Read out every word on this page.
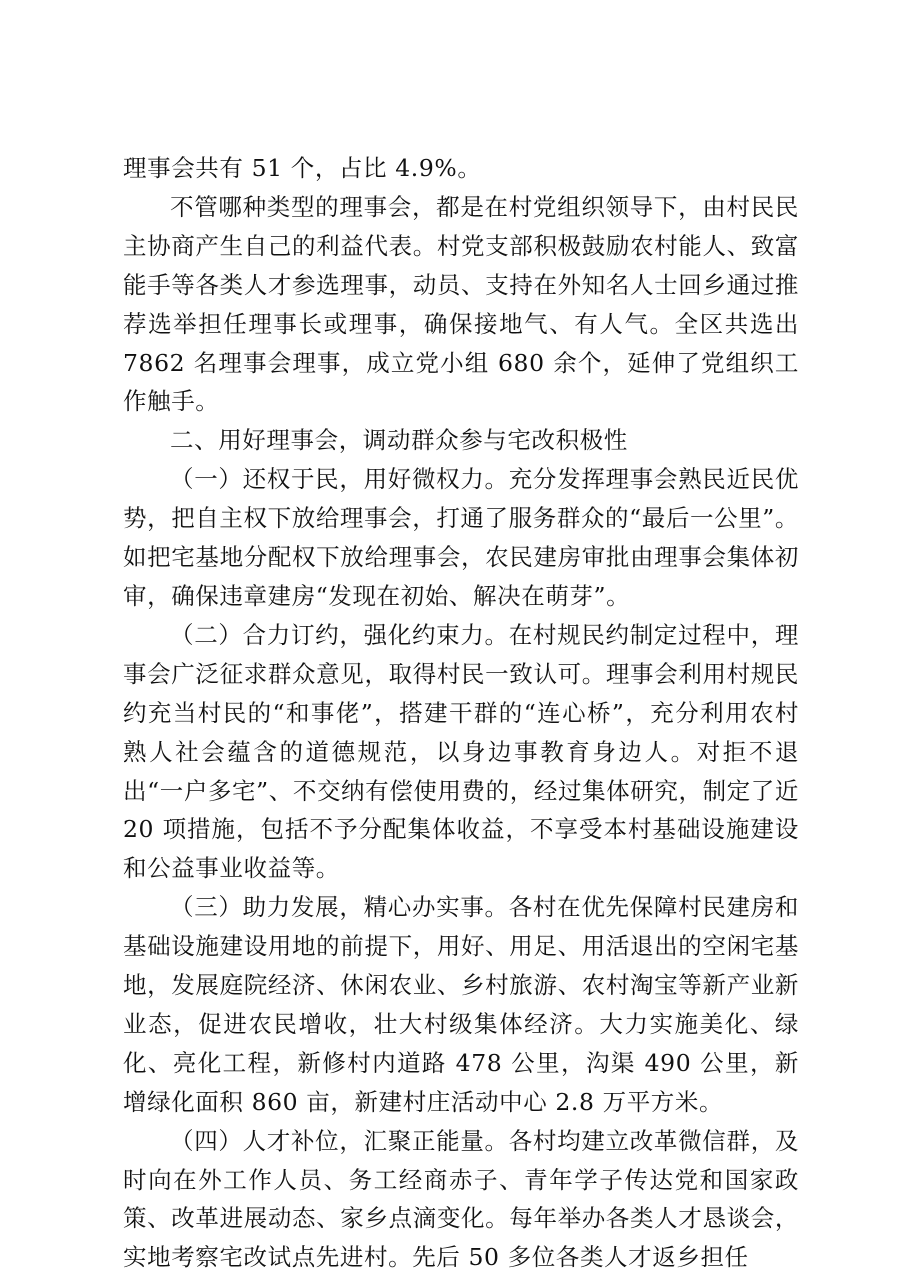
理事会共有 51 个，占比 4.9%。

不管哪种类型的理事会，都是在村党组织领导下，由村民民主协商产生自己的利益代表。村党支部积极鼓励农村能人、致富能手等各类人才参选理事，动员、支持在外知名人士回乡通过推荐选举担任理事长或理事，确保接地气、有人气。全区共选出 7862 名理事会理事，成立党小组 680 余个，延伸了党组织工作触手。

二、用好理事会，调动群众参与宅改积极性

（一）还权于民，用好微权力。充分发挥理事会熟民近民优势，把自主权下放给理事会，打通了服务群众的“最后一公里”。如把宅基地分配权下放给理事会，农民建房审批由理事会集体初审，确保违章建房“发现在初始、解决在萌芽”。

（二）合力订约，强化约束力。在村规民约制定过程中，理事会广泛征求群众意见，取得村民一致认可。理事会利用村规民约充当村民的“和事佬”，搭建干群的“连心桥”，充分利用农村熟人社会蕴含的道德规范，以身边事教育身边人。对拒不退出“一户多宅”、不交纳有偿使用费的，经过集体研究，制定了近 20 项措施，包括不予分配集体收益，不享受本村基础设施建设和公益事业收益等。

（三）助力发展，精心办实事。各村在优先保障村民建房和基础设施建设用地的前提下，用好、用足、用活退出的空闲宅基地，发展庭院经济、休闲农业、乡村旅游、农村淘宝等新产业新业态，促进农民增收，壮大村级集体经济。大力实施美化、绿化、亮化工程，新修村内道路 478 公里，沟渠 490 公里，新增绿化面积 860 亩，新建村庄活动中心 2.8 万平方米。

（四）人才补位，汇聚正能量。各村均建立改革微信群，及时向在外工作人员、务工经商赤子、青年学子传达党和国家政策、改革进展动态、家乡点滴变化。每年举办各类人才恳谈会，实地考察宅改试点先进村。先后 50 多位各类人才返乡担任
